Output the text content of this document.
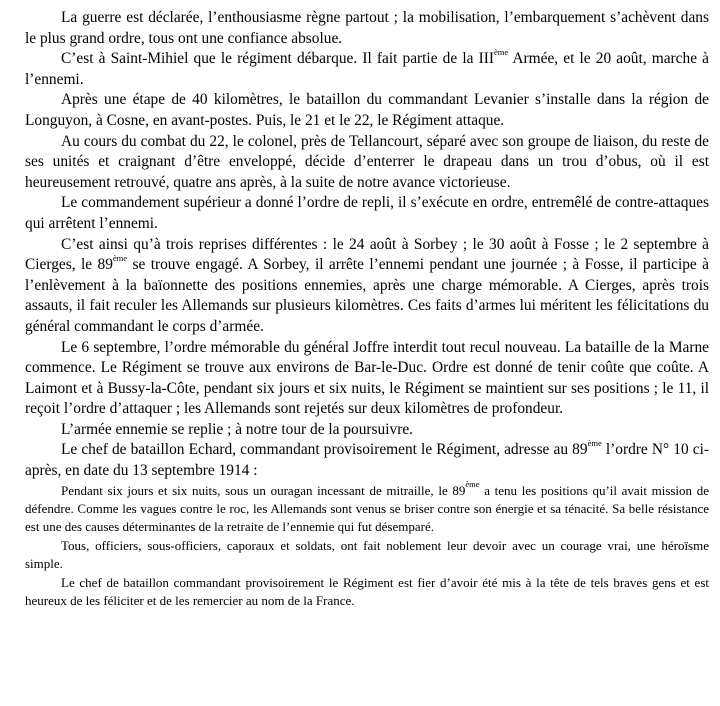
La guerre est déclarée, l’enthousiasme règne partout ; la mobilisation, l’embarquement s’achèvent dans le plus grand ordre, tous ont une confiance absolue.

C’est à Saint-Mihiel que le régiment débarque. Il fait partie de la IIIème Armée, et le 20 août, marche à l’ennemi.

Après une étape de 40 kilomètres, le bataillon du commandant Levanier s’installe dans la région de Longuyon, à Cosne, en avant-postes. Puis, le 21 et le 22, le Régiment attaque.

Au cours du combat du 22, le colonel, près de Tellancourt, séparé avec son groupe de liaison, du reste de ses unités et craignant d’être enveloppé, décide d’enterrer le drapeau dans un trou d’obus, où il est heureusement retrouvé, quatre ans après, à la suite de notre avance victorieuse.

Le commandement supérieur a donné l’ordre de repli, il s’exécute en ordre, entremêlé de contre-attaques qui arrêtent l’ennemi.

C’est ainsi qu’à trois reprises différentes : le 24 août à Sorbey ; le 30 août à Fosse ; le 2 septembre à Cierges, le 89ème se trouve engagé. A Sorbey, il arrête l’ennemi pendant une journée ; à Fosse, il participe à l’enlèvement à la baïonnette des positions ennemies, après une charge mémorable. A Cierges, après trois assauts, il fait reculer les Allemands sur plusieurs kilomètres. Ces faits d’armes lui méritent les félicitations du général commandant le corps d’armée.

Le 6 septembre, l’ordre mémorable du général Joffre interdit tout recul nouveau. La bataille de la Marne commence. Le Régiment se trouve aux environs de Bar-le-Duc. Ordre est donné de tenir coûte que coûte. A Laimont et à Bussy-la-Côte, pendant six jours et six nuits, le Régiment se maintient sur ses positions ; le 11, il reçoit l’ordre d’attaquer ; les Allemands sont rejetés sur deux kilomètres de profondeur.

L’armée ennemie se replie ; à notre tour de la poursuivre.

Le chef de bataillon Echard, commandant provisoirement le Régiment, adresse au 89ème l’ordre N° 10 ci-après, en date du 13 septembre 1914 :

Pendant six jours et six nuits, sous un ouragan incessant de mitraille, le 89ème a tenu les positions qu’il avait mission de défendre. Comme les vagues contre le roc, les Allemands sont venus se briser contre son énergie et sa ténacité. Sa belle résistance est une des causes déterminantes de la retraite de l’ennemie qui fut désemparé.

Tous, officiers, sous-officiers, caporaux et soldats, ont fait noblement leur devoir avec un courage vrai, une héroïsme simple.

Le chef de bataillon commandant provisoirement le Régiment est fier d’avoir été mis à la tête de tels braves gens et est heureux de les féliciter et de les remercier au nom de la France.
